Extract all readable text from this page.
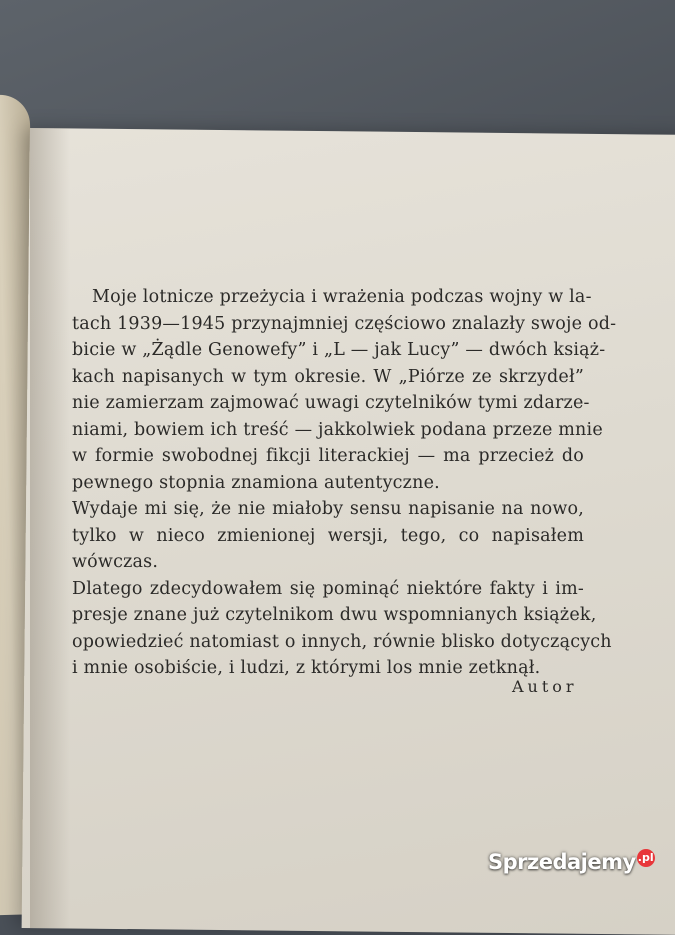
Moje lotnicze przeżycia i wrażenia podczas wojny w la-
tach 1939—1945 przynajmniej częściowo znalazły swoje od-
bicie w „Żądle Genowefy” i „L — jak Lucy” — dwóch książ-
kach napisanych w tym okresie. W „Piórze ze skrzydeł”
nie zamierzam zajmować uwagi czytelników tymi zdarze-
niami, bowiem ich treść — jakkolwiek podana przeze mnie
w formie swobodnej fikcji literackiej — ma przecież do
pewnego stopnia znamiona autentyczne.
Wydaje mi się, że nie miałoby sensu napisanie na nowo,
tylko w nieco zmienionej wersji, tego, co napisałem
wówczas.
Dlatego zdecydowałem się pominąć niektóre fakty i im-
presje znane już czytelnikom dwu wspomnianych książek,
opowiedzieć natomiast o innych, równie blisko dotyczących
i mnie osobiście, i ludzi, z którymi los mnie zetknął.
Autor
Sprzedajemy .pl
